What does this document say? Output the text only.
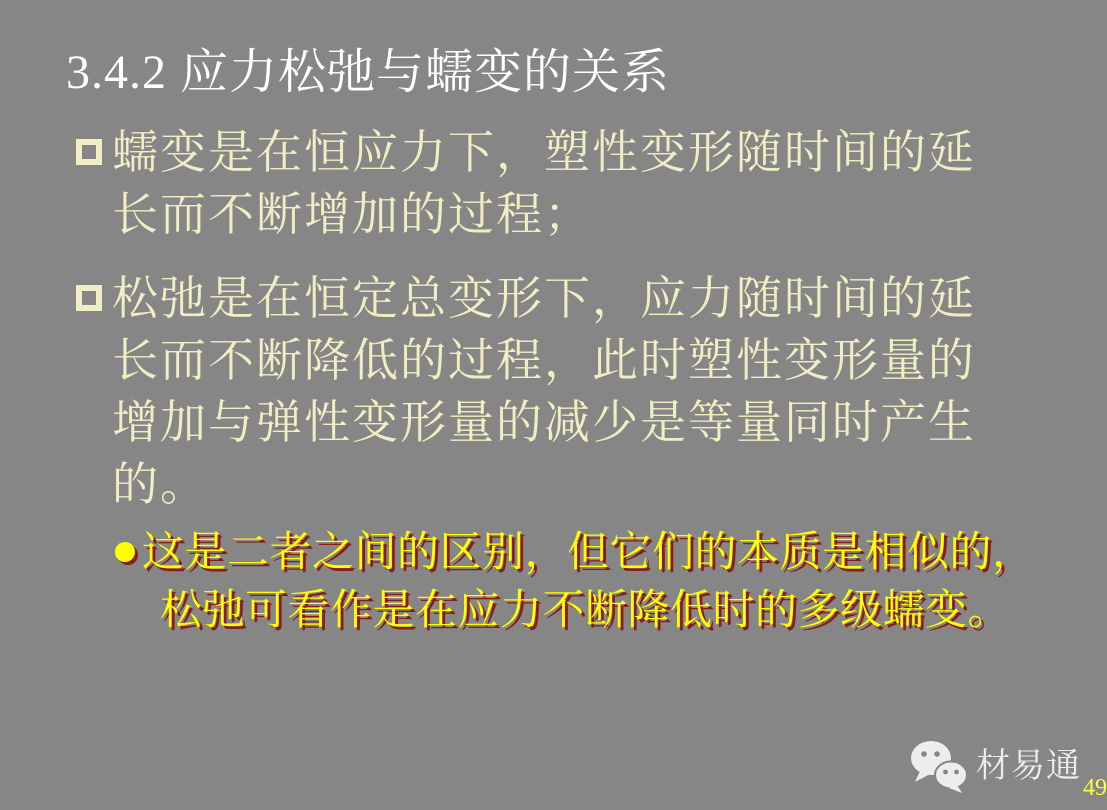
3.4.2 应力松弛与蠕变的关系
蠕变是在恒应力下，塑性变形随时间的延
长而不断增加的过程；
松弛是在恒定总变形下，应力随时间的延
长而不断降低的过程，此时塑性变形量的
增加与弹性变形量的减少是等量同时产生
的。
这是二者之间的区别，但它们的本质是相似的，
松弛可看作是在应力不断降低时的多级蠕变。
材易通
49
